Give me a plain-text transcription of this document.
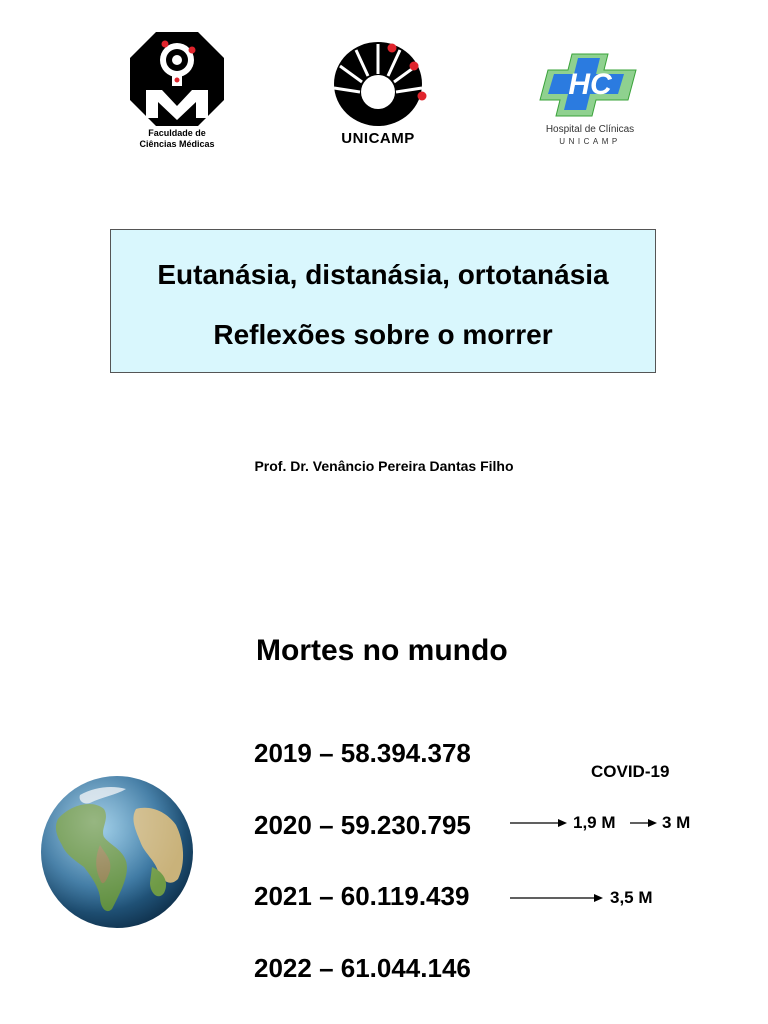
Faculdade de
Ciências Médicas	UNICAMP
HC
Hospital de Clínicas
UNICAMP
Eutanásia, distanásia, ortotanásia
Reflexões sobre o morrer
Prof. Dr. Venâncio Pereira Dantas Filho
Mortes no mundo
2019 – 58.394.378
2020 – 59.230.795
2021 – 60.119.439
2022 – 61.044.146
COVID-19
1,9 M	3 M
3,5 M
